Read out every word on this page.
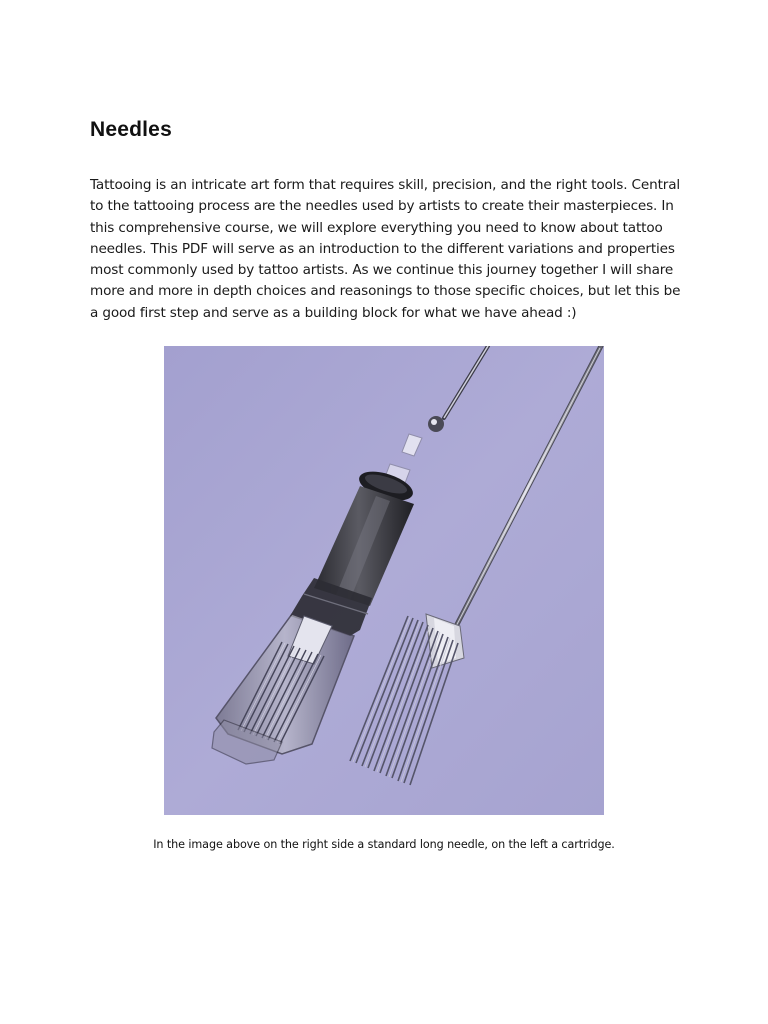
Needles

Tattooing is an intricate art form that requires skill, precision, and the right tools. Central to the tattooing process are the needles used by artists to create their masterpieces. In this comprehensive course, we will explore everything you need to know about tattoo needles. This PDF will serve as an introduction to the different variations and properties most commonly used by tattoo artists. As we continue this journey together I will share more and more in depth choices and reasonings to those specific choices, but let this be a good first step and serve as a building block for what we have ahead :)

In the image above on the right side a standard long needle, on the left a cartridge.
